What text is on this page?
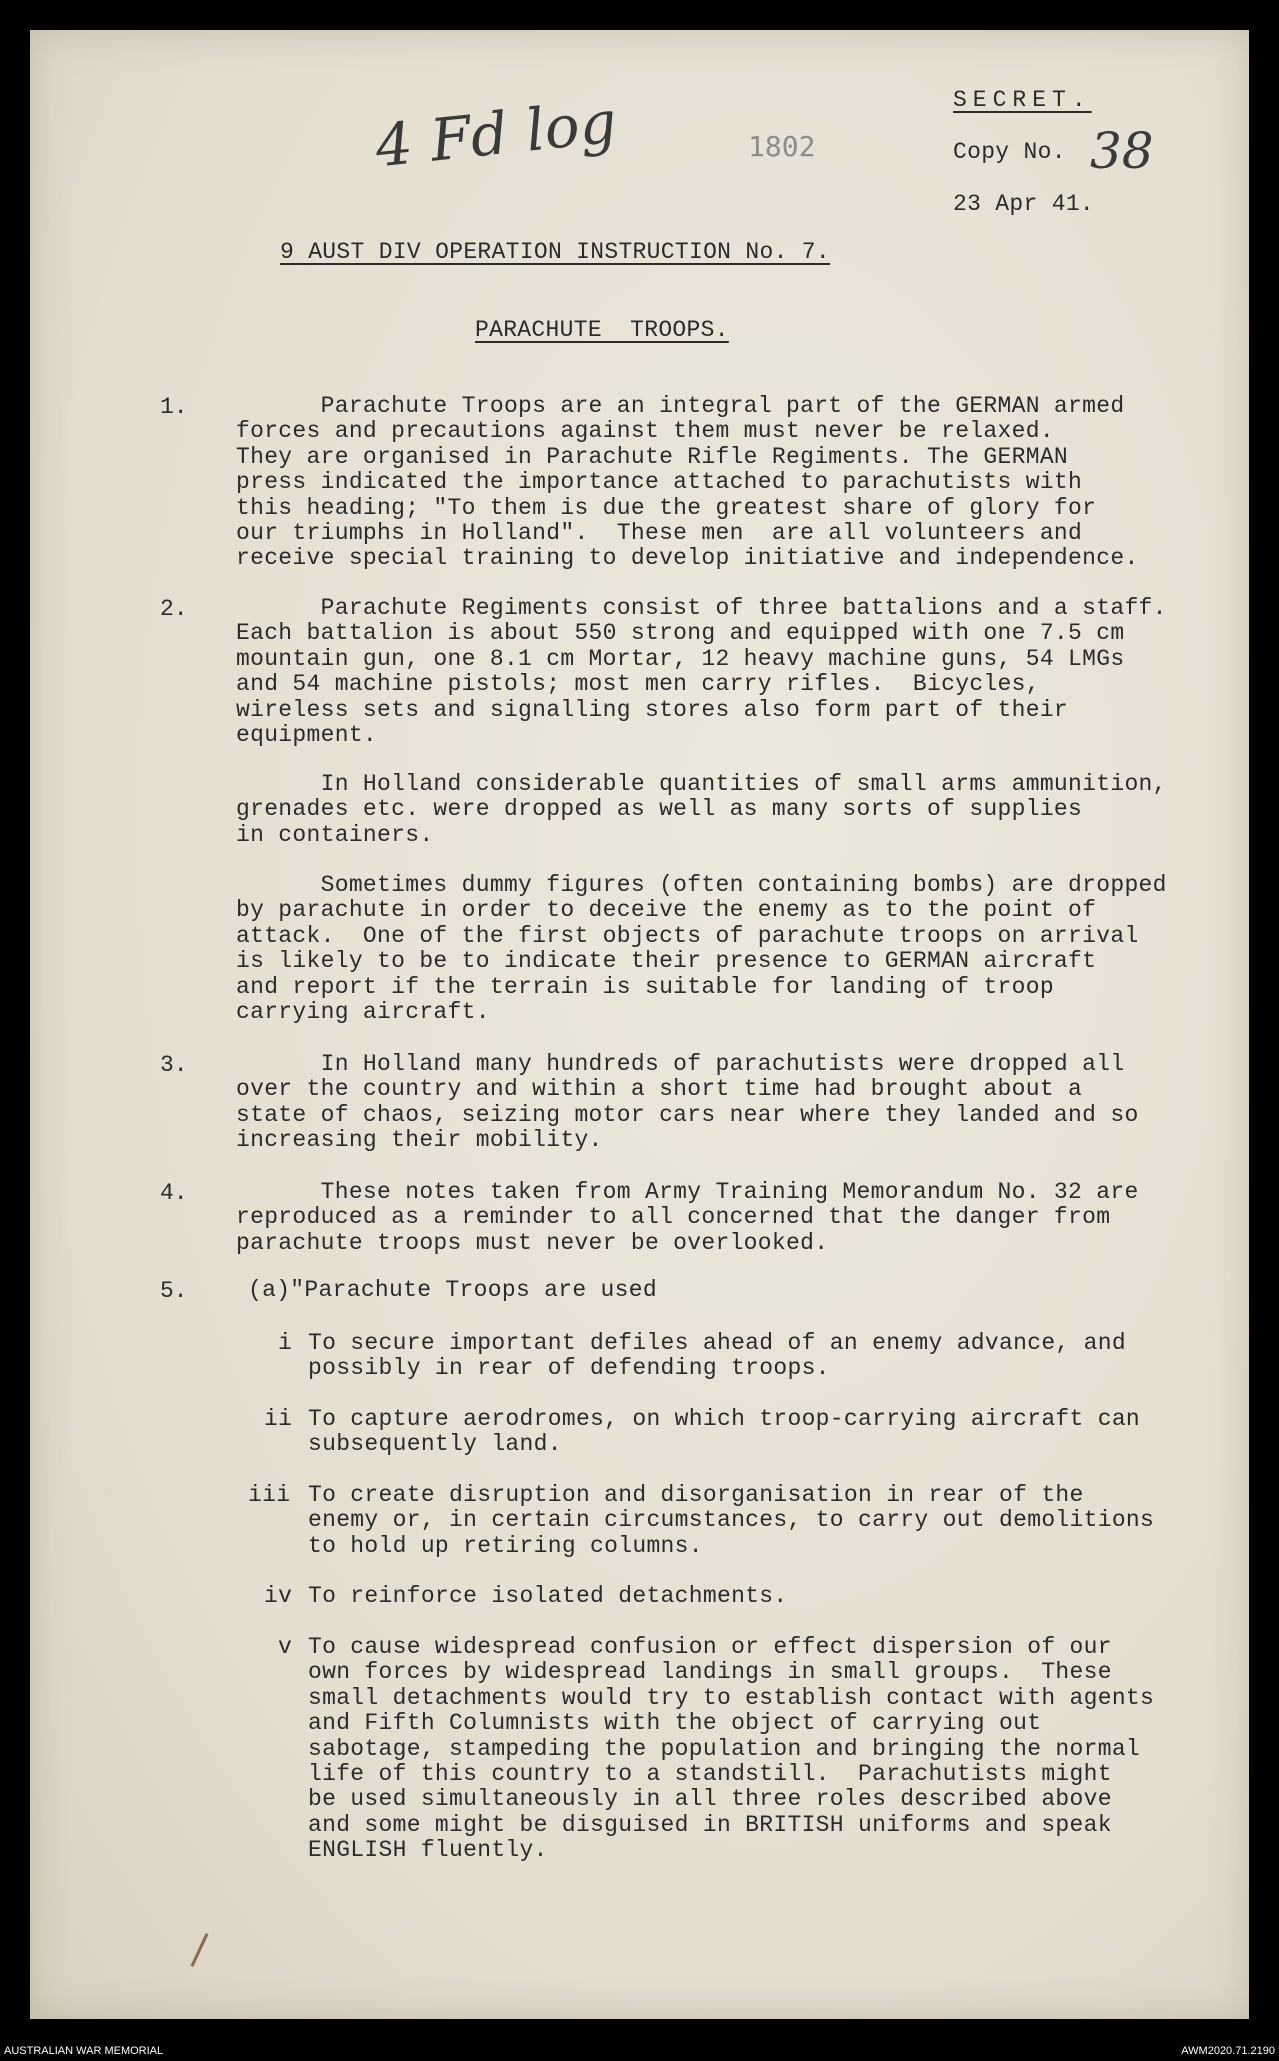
4 Fd log	1802
SECRET.
Copy No. 38
23 Apr 41.
9 AUST DIV OPERATION INSTRUCTION No. 7.
PARACHUTE  TROOPS.
1. Parachute Troops are an integral part of the GERMAN armed
forces and precautions against them must never be relaxed.
They are organised in Parachute Rifle Regiments. The GERMAN
press indicated the importance attached to parachutists with
this heading; "To them is due the greatest share of glory for
our triumphs in Holland".  These men  are all volunteers and
receive special training to develop initiative and independence.
2. Parachute Regiments consist of three battalions and a staff.
Each battalion is about 550 strong and equipped with one 7.5 cm
mountain gun, one 8.1 cm Mortar, 12 heavy machine guns, 54 LMGs
and 54 machine pistols; most men carry rifles.  Bicycles,
wireless sets and signalling stores also form part of their
equipment.
In Holland considerable quantities of small arms ammunition,
grenades etc. were dropped as well as many sorts of supplies
in containers.
Sometimes dummy figures (often containing bombs) are dropped
by parachute in order to deceive the enemy as to the point of
attack.  One of the first objects of parachute troops on arrival
is likely to be to indicate their presence to GERMAN aircraft
and report if the terrain is suitable for landing of troop
carrying aircraft.
3. In Holland many hundreds of parachutists were dropped all
over the country and within a short time had brought about a
state of chaos, seizing motor cars near where they landed and so
increasing their mobility.
4. These notes taken from Army Training Memorandum No. 32 are
reproduced as a reminder to all concerned that the danger from
parachute troops must never be overlooked.
5.	(a)"Parachute Troops are used
i To secure important defiles ahead of an enemy advance, and
possibly in rear of defending troops.
ii To capture aerodromes, on which troop-carrying aircraft can
subsequently land.
iii To create disruption and disorganisation in rear of the
enemy or, in certain circumstances, to carry out demolitions
to hold up retiring columns.
iv To reinforce isolated detachments.
v To cause widespread confusion or effect dispersion of our
own forces by widespread landings in small groups.  These
small detachments would try to establish contact with agents
and Fifth Columnists with the object of carrying out
sabotage, stampeding the population and bringing the normal
life of this country to a standstill.  Parachutists might
be used simultaneously in all three roles described above
and some might be disguised in BRITISH uniforms and speak
ENGLISH fluently.
AUSTRALIAN WAR MEMORIAL	AWM2020.71.2190
